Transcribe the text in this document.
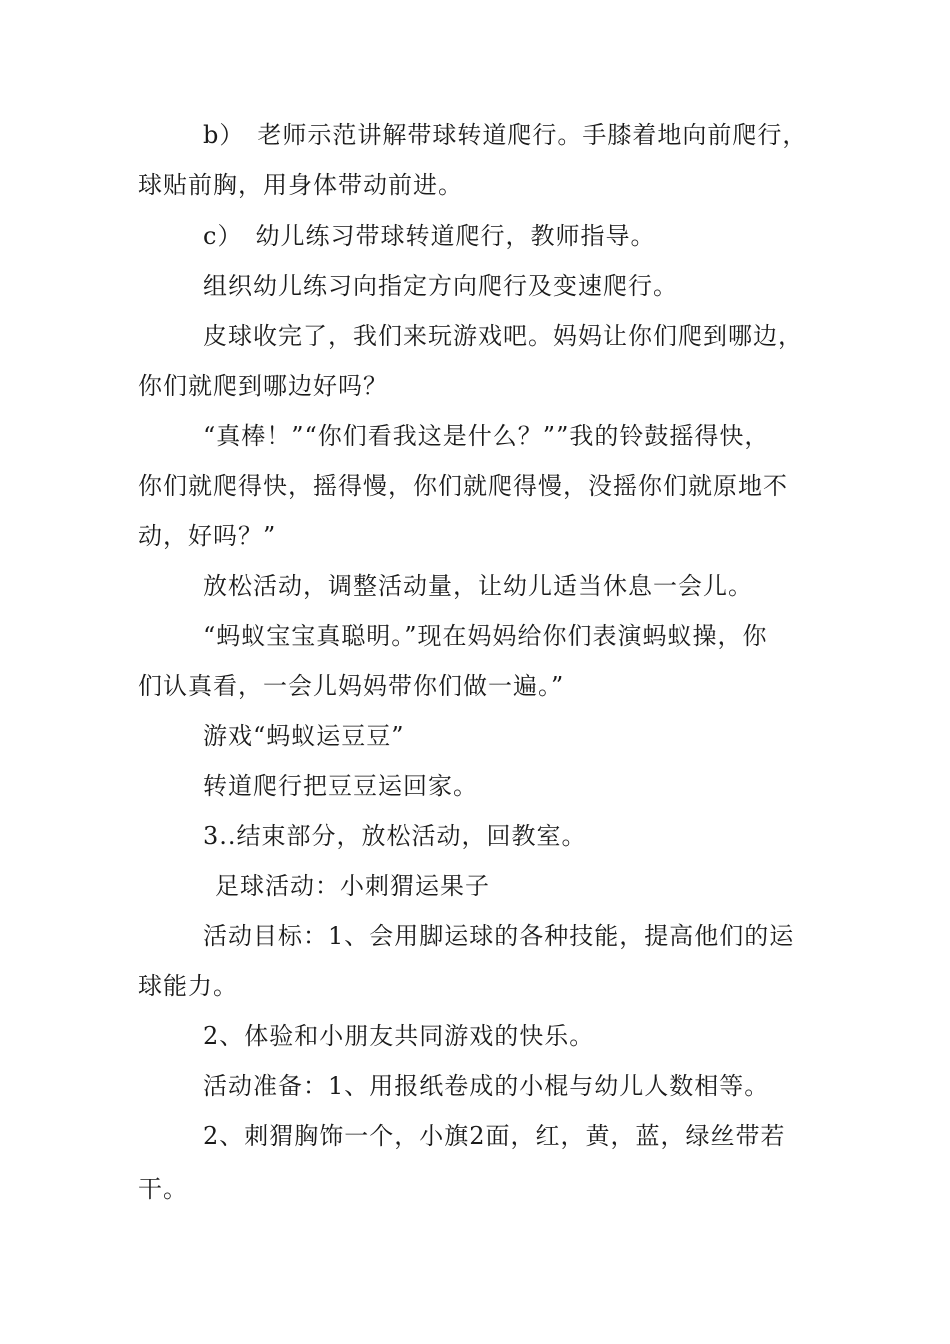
b）　老师示范讲解带球转道爬行。手膝着地向前爬行，
球贴前胸，用身体带动前进。
c）　幼儿练习带球转道爬行，教师指导。
组织幼儿练习向指定方向爬行及变速爬行。
皮球收完了，我们来玩游戏吧。妈妈让你们爬到哪边，
你们就爬到哪边好吗？
“真棒！”“你们看我这是什么？””我的铃鼓摇得快，
你们就爬得快，摇得慢，你们就爬得慢，没摇你们就原地不
动，好吗？”
放松活动，调整活动量，让幼儿适当休息一会儿。
“蚂蚁宝宝真聪明。”现在妈妈给你们表演蚂蚁操，你
们认真看，一会儿妈妈带你们做一遍。”
游戏“蚂蚁运豆豆”
转道爬行把豆豆运回家。
3..结束部分，放松活动，回教室。
足球活动：小刺猬运果子
活动目标：1、会用脚运球的各种技能，提高他们的运
球能力。
2、体验和小朋友共同游戏的快乐。
活动准备：1、用报纸卷成的小棍与幼儿人数相等。
2、刺猬胸饰一个，小旗2面，红，黄，蓝，绿丝带若
干。
